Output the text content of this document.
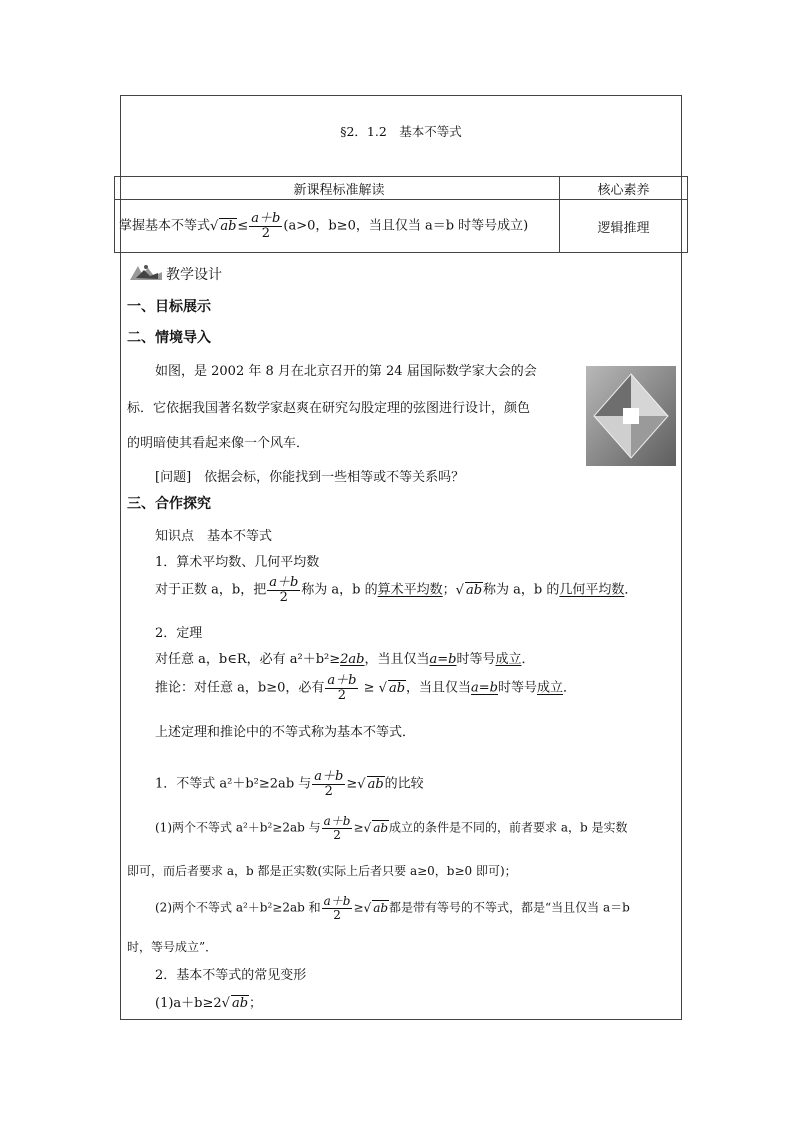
§2．1.2　基本不等式
新课程标准解读	核心素养
掌握基本不等式√ $ab\le \frac{a+b}{2} (a>0$，b≥0，当且仅当 a＝b 时等号成立)	逻辑推理
教学设计
一、目标展示
二、情境导入
如图，是 2002 年 8 月在北京召开的第 24 届国际数学家大会的会
标．它依据我国著名数学家赵爽在研究勾股定理的弦图进行设计，颜色
的明暗使其看起来像一个风车．
[问题]　依据会标，你能找到一些相等或不等关系吗？
三、合作探究
知识点　基本不等式
1．算术平均数、几何平均数
对于正数 a，b，把 $\frac{a+b}{2}$ 称为 a，b 的算术平均数；√ ab称为 a，b 的几何平均数．
2．定理
对任意 a，b∈R，必有 a²＋b²≥2ab，当且仅当a=b时等号成立．
推论：对任意 a，b≥0，必有 $\frac{a+b}{2}$ ≥ √ ab，当且仅当a=b时等号成立．
上述定理和推论中的不等式称为基本不等式．
1．不等式 a²＋b²≥2ab 与 $\frac{a+b}{2}$ ≥√ ab的比较
(1)两个不等式 a²＋b²≥2ab 与 $\frac{a+b}{2}$ ≥√ ab成立的条件是不同的，前者要求 a，b 是实数
即可，而后者要求 a，b 都是正实数(实际上后者只要 a≥0，b≥0 即可)；
(2)两个不等式 a²＋b²≥2ab 和 $\frac{a+b}{2}$ ≥√ ab都是带有等号的不等式，都是“当且仅当 a＝b
时，等号成立”．
2．基本不等式的常见变形
(1)a＋b≥2√ ab；
